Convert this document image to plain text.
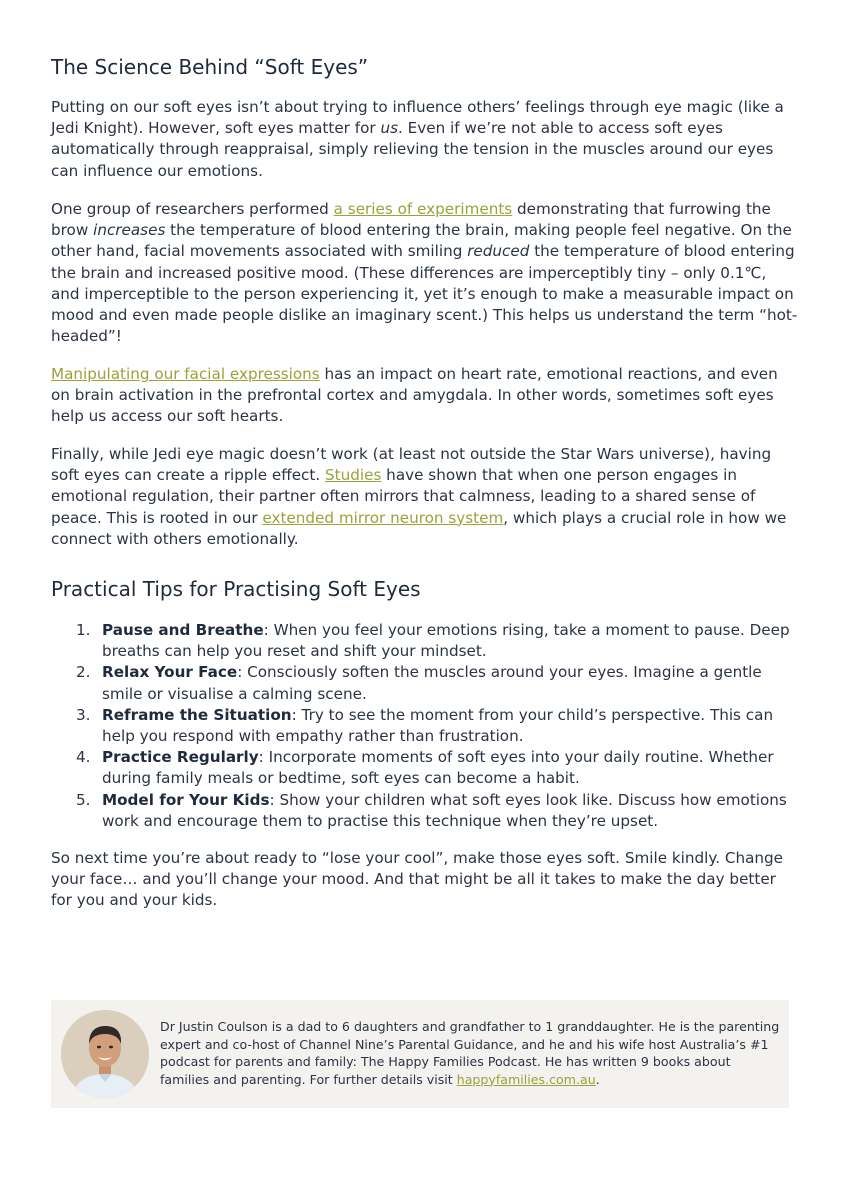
The Science Behind “Soft Eyes”

Putting on our soft eyes isn’t about trying to influence others’ feelings through eye magic (like a Jedi Knight). However, soft eyes matter for us. Even if we’re not able to access soft eyes automatically through reappraisal, simply relieving the tension in the muscles around our eyes can influence our emotions.

One group of researchers performed a series of experiments demonstrating that furrowing the brow increases the temperature of blood entering the brain, making people feel negative. On the other hand, facial movements associated with smiling reduced the temperature of blood entering the brain and increased positive mood. (These differences are imperceptibly tiny – only 0.1℃, and imperceptible to the person experiencing it, yet it’s enough to make a measurable impact on mood and even made people dislike an imaginary scent.) This helps us understand the term “hot-headed”!

Manipulating our facial expressions has an impact on heart rate, emotional reactions, and even on brain activation in the prefrontal cortex and amygdala. In other words, sometimes soft eyes help us access our soft hearts.

Finally, while Jedi eye magic doesn’t work (at least not outside the Star Wars universe), having soft eyes can create a ripple effect. Studies have shown that when one person engages in emotional regulation, their partner often mirrors that calmness, leading to a shared sense of peace. This is rooted in our extended mirror neuron system, which plays a crucial role in how we connect with others emotionally.

Practical Tips for Practising Soft Eyes
1. Pause and Breathe: When you feel your emotions rising, take a moment to pause. Deep breaths can help you reset and shift your mindset.
2. Relax Your Face: Consciously soften the muscles around your eyes. Imagine a gentle smile or visualise a calming scene.
3. Reframe the Situation: Try to see the moment from your child’s perspective. This can help you respond with empathy rather than frustration.
4. Practice Regularly: Incorporate moments of soft eyes into your daily routine. Whether during family meals or bedtime, soft eyes can become a habit.
5. Model for Your Kids: Show your children what soft eyes look like. Discuss how emotions work and encourage them to practise this technique when they’re upset.

So next time you’re about ready to “lose your cool”, make those eyes soft. Smile kindly. Change your face… and you’ll change your mood. And that might be all it takes to make the day better for you and your kids.

Dr Justin Coulson is a dad to 6 daughters and grandfather to 1 granddaughter. He is the parenting expert and co-host of Channel Nine’s Parental Guidance, and he and his wife host Australia’s #1 podcast for parents and family: The Happy Families Podcast. He has written 9 books about families and parenting. For further details visit happyfamilies.com.au.
